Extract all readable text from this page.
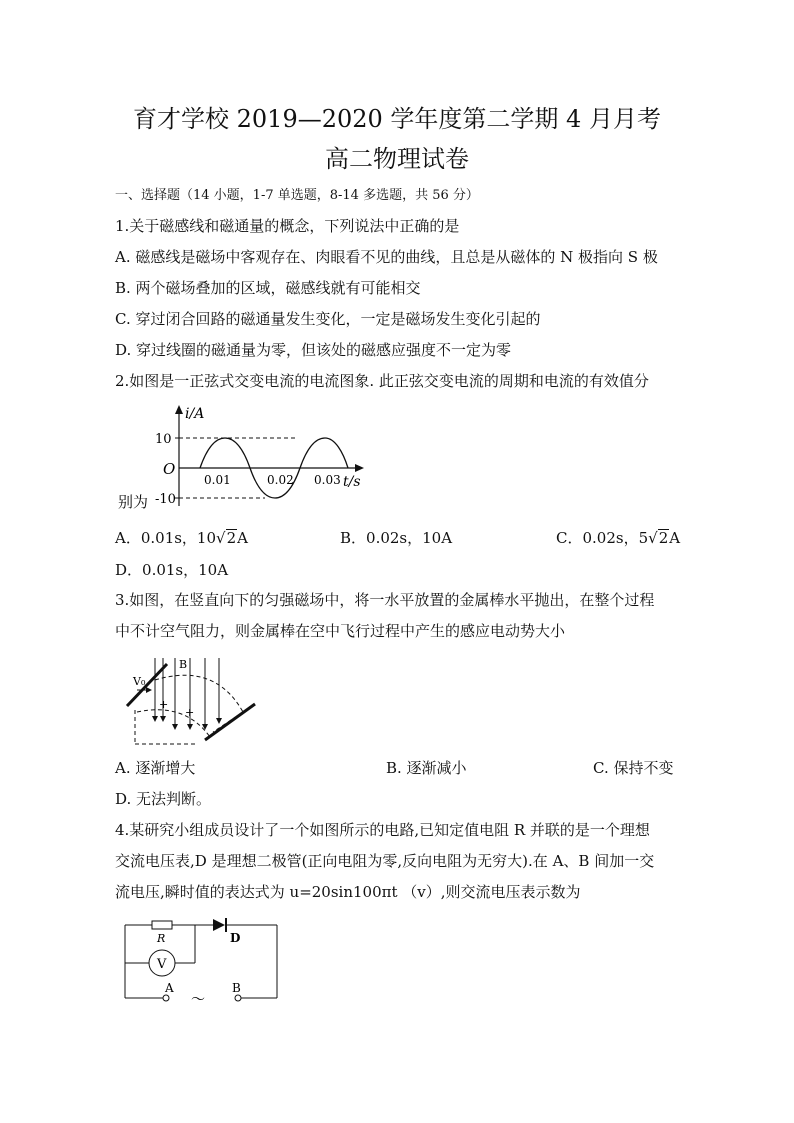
育才学校 2019—2020 学年度第二学期 4 月月考
高二物理试卷
一、选择题（14 小题，1-7 单选题，8-14 多选题，共 56 分）
1.关于磁感线和磁通量的概念，下列说法中正确的是
A. 磁感线是磁场中客观存在、肉眼看不见的曲线，且总是从磁体的 N 极指向 S 极
B. 两个磁场叠加的区域，磁感线就有可能相交
C. 穿过闭合回路的磁通量发生变化，一定是磁场发生变化引起的
D. 穿过线圈的磁通量为零，但该处的磁感应强度不一定为零
2.如图是一正弦式交变电流的电流图象. 此正弦交变电流的周期和电流的有效值分
i/A
10
-10
O
0.01	0.02 0.03 t/s
别为
A．0.01s，10√2A	B．0.02s，10A	C．0.02s，5√2A
D．0.01s，10A
3.如图，在竖直向下的匀强磁场中，将一水平放置的金属棒水平抛出，在整个过程
中不计空气阻力，则金属棒在空中飞行过程中产生的感应电动势大小
V₀
B
+
+
A. 逐渐增大	B. 逐渐减小	C. 保持不变
D. 无法判断。
4.某研究小组成员设计了一个如图所示的电路,已知定值电阻 R 并联的是一个理想
交流电压表,D 是理想二极管(正向电阻为零,反向电阻为无穷大).在 A、B 间加一交
流电压,瞬时值的表达式为 u=20sin100πt （v）,则交流电压表示数为
R
V
D
A	B
～
